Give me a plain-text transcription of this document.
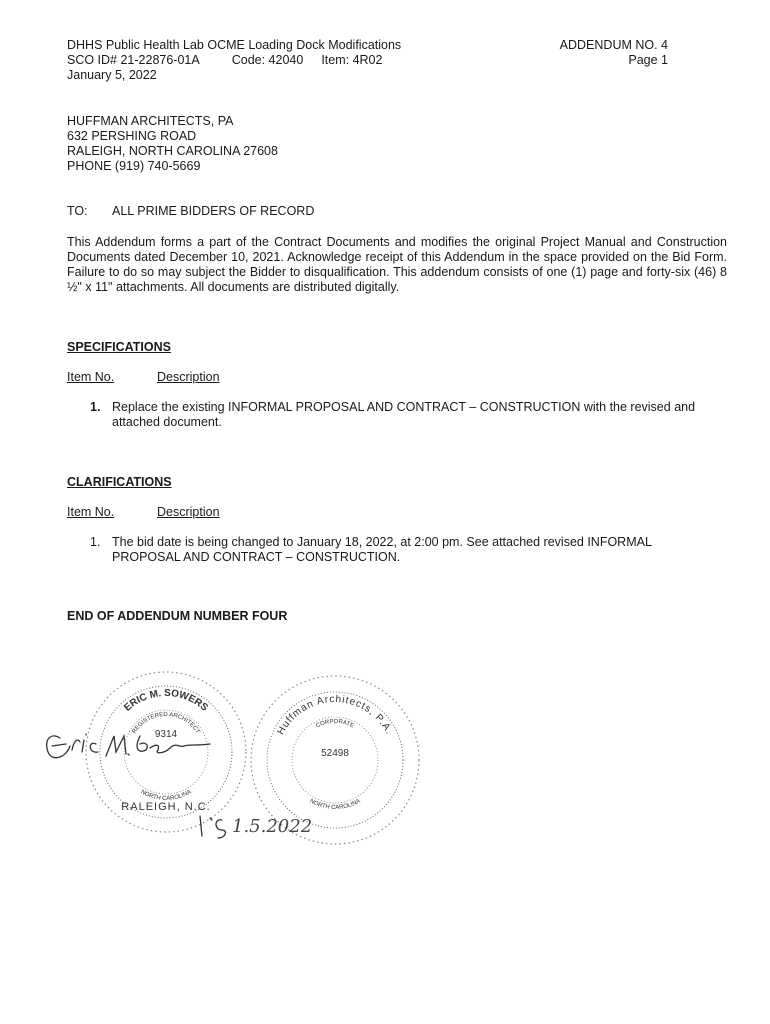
DHHS Public Health Lab OCME Loading Dock Modifications
SCO ID# 21-22876-01A	Code: 42040 Item: 4R02
January 5, 2022
ADDENDUM NO. 4
Page 1
HUFFMAN ARCHITECTS, PA
632 PERSHING ROAD
RALEIGH, NORTH CAROLINA 27608
PHONE (919) 740-5669
TO: ALL PRIME BIDDERS OF RECORD
This Addendum forms a part of the Contract Documents and modifies the original Project Manual and Construction Documents dated December 10, 2021. Acknowledge receipt of this Addendum in the space provided on the Bid Form. Failure to do so may subject the Bidder to disqualification. This addendum consists of one (1) page and forty-six (46) 8 ½" x 11" attachments. All documents are distributed digitally.
SPECIFICATIONS
Item No.	Description
1. Replace the existing INFORMAL PROPOSAL AND CONTRACT – CONSTRUCTION with the revised and attached document.
CLARIFICATIONS
Item No.	Description
1. The bid date is being changed to January 18, 2022, at 2:00 pm. See attached revised INFORMAL PROPOSAL AND CONTRACT – CONSTRUCTION.
END OF ADDENDUM NUMBER FOUR
ERIC M. SOWERS
REGISTERED ARCHITECT
9314
NORTH CAROLINA
RALEIGH, N.C.
Huffman Architects, P.A.
CORPORATE
52498
NORTH CAROLINA
1.5.2022
